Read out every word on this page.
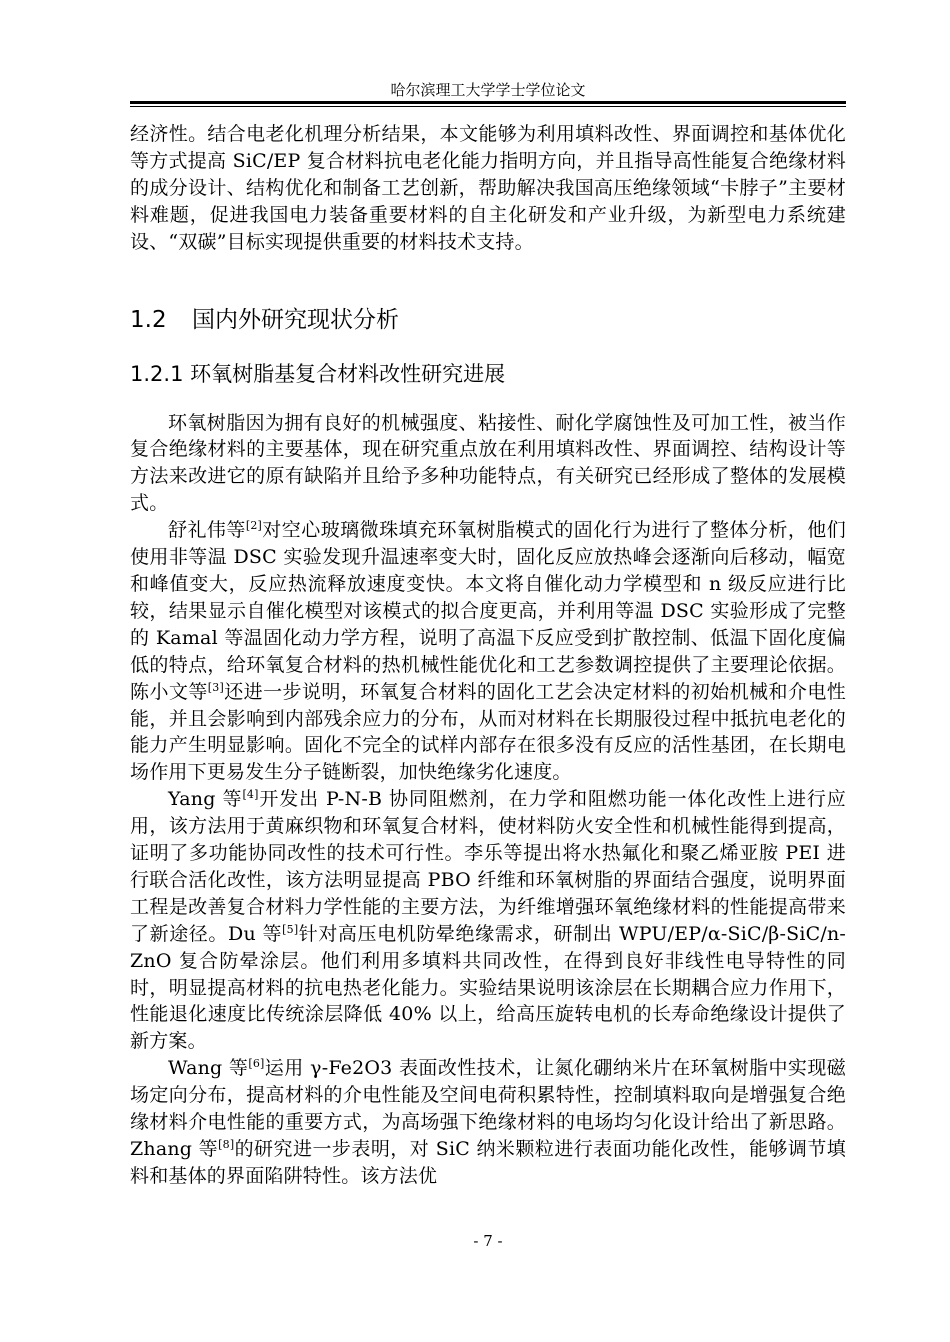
哈尔滨理工大学学士学位论文

经济性。结合电老化机理分析结果，本文能够为利用填料改性、界面调控和基体优化等方式提高 SiC/EP 复合材料抗电老化能力指明方向，并且指导高性能复合绝缘材料的成分设计、结构优化和制备工艺创新，帮助解决我国高压绝缘领域“卡脖子”主要材料难题，促进我国电力装备重要材料的自主化研发和产业升级，为新型电力系统建设、“双碳”目标实现提供重要的材料技术支持。

1.2 国内外研究现状分析
1.2.1 环氧树脂基复合材料改性研究进展

环氧树脂因为拥有良好的机械强度、粘接性、耐化学腐蚀性及可加工性，被当作复合绝缘材料的主要基体，现在研究重点放在利用填料改性、界面调控、结构设计等方法来改进它的原有缺陷并且给予多种功能特点，有关研究已经形成了整体的发展模式。

舒礼伟等[2]对空心玻璃微珠填充环氧树脂模式的固化行为进行了整体分析，他们使用非等温 DSC 实验发现升温速率变大时，固化反应放热峰会逐渐向后移动，幅宽和峰值变大，反应热流释放速度变快。本文将自催化动力学模型和 n 级反应进行比较，结果显示自催化模型对该模式的拟合度更高，并利用等温 DSC 实验形成了完整的 Kamal 等温固化动力学方程，说明了高温下反应受到扩散控制、低温下固化度偏低的特点，给环氧复合材料的热机械性能优化和工艺参数调控提供了主要理论依据。陈小文等[3]还进一步说明，环氧复合材料的固化工艺会决定材料的初始机械和介电性能，并且会影响到内部残余应力的分布，从而对材料在长期服役过程中抵抗电老化的能力产生明显影响。固化不完全的试样内部存在很多没有反应的活性基团，在长期电场作用下更易发生分子链断裂，加快绝缘劣化速度。

Yang 等[4]开发出 P-N-B 协同阻燃剂，在力学和阻燃功能一体化改性上进行应用，该方法用于黄麻织物和环氧复合材料，使材料防火安全性和机械性能得到提高，证明了多功能协同改性的技术可行性。李乐等提出将水热氟化和聚乙烯亚胺 PEI 进行联合活化改性，该方法明显提高 PBO 纤维和环氧树脂的界面结合强度，说明界面工程是改善复合材料力学性能的主要方法，为纤维增强环氧绝缘材料的性能提高带来了新途径。Du 等[5]针对高压电机防晕绝缘需求，研制出 WPU/EP/α-SiC/β-SiC/n-ZnO 复合防晕涂层。他们利用多填料共同改性，在得到良好非线性电导特性的同时，明显提高材料的抗电热老化能力。实验结果说明该涂层在长期耦合应力作用下，性能退化速度比传统涂层降低 40% 以上，给高压旋转电机的长寿命绝缘设计提供了新方案。

Wang 等[6]运用 γ-Fe2O3 表面改性技术，让氮化硼纳米片在环氧树脂中实现磁场定向分布，提高材料的介电性能及空间电荷积累特性，控制填料取向是增强复合绝缘材料介电性能的重要方式，为高场强下绝缘材料的电场均匀化设计给出了新思路。Zhang 等[8]的研究进一步表明，对 SiC 纳米颗粒进行表面功能化改性，能够调节填料和基体的界面陷阱特性。该方法优

- 7 -
